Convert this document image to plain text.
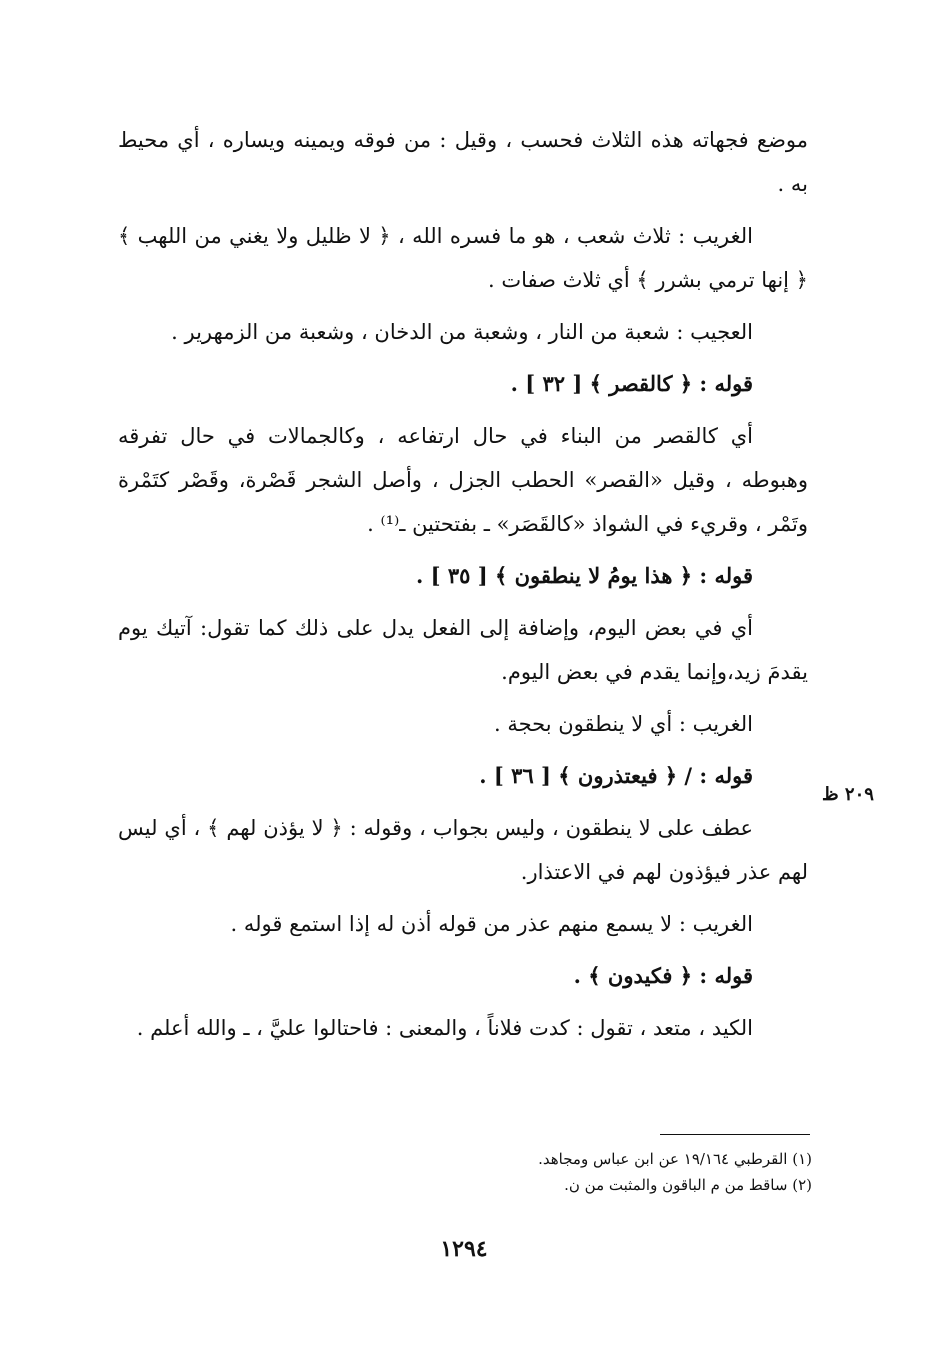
موضع فجهاته هذه الثلاث فحسب ، وقيل : من فوقه ويمينه ويساره ، أي محيط به .

الغريب : ثلاث شعب ، هو ما فسره الله ، ﴿ لا ظليل ولا يغني من اللهب ﴾ ﴿ إنها ترمي بشرر ﴾ أي ثلاث صفات .

العجيب : شعبة من النار ، وشعبة من الدخان ، وشعبة من الزمهرير .

قوله : ﴿ كالقصر ﴾ [ ٣٢ ] .

أي كالقصر من البناء في حال ارتفاعه ، وكالجمالات في حال تفرقه وهبوطه ، وقيل «القصر» الحطب الجزل ، وأصل الشجر قَصْرة، وقَصْر كتَمْرة وتَمْر ، وقريء في الشواذ «كالقَصَر» ـ بفتحتين ـ⁽¹⁾ .

قوله : ﴿ هذا يومُ لا ينطقون ﴾ [ ٣٥ ] .

أي في بعض اليوم، وإضافة إلى الفعل يدل على ذلك كما تقول: آتيك يوم يقدمَ زيد،وإنما يقدم في بعض اليوم.

الغريب : أي لا ينطقون بحجة .

قوله : / ﴿ فيعتذرون ﴾ [ ٣٦ ] .

عطف على لا ينطقون ، وليس بجواب ، وقوله : ﴿ لا يؤذن لهم ﴾ ، أي ليس لهم عذر فيؤذون لهم في الاعتذار.

الغريب : لا يسمع منهم عذر من قوله أذن له إذا استمع قوله .

قوله : ﴿ فكيدون ﴾ .

الكيد ، متعد ، تقول : كدت فلاناً ، والمعنى : فاحتالوا عليَّ ، ـ والله أعلم .

٢٠٩ ظ

(١) القرطبي ١٩/١٦٤ عن ابن عباس ومجاهد.

(٢) ساقط من م الباقون والمثبت من ن.

١٢٩٤
